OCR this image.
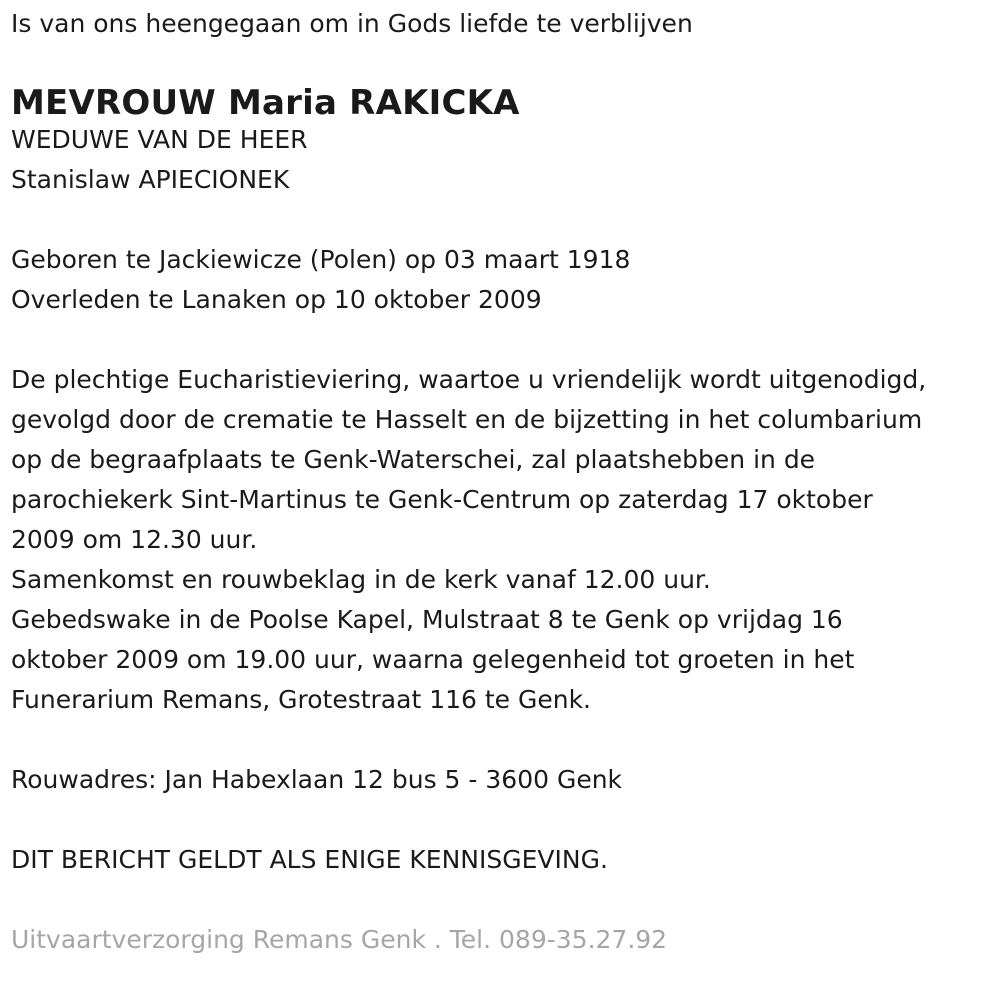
Is van ons heengegaan om in Gods liefde te verblijven

MEVROUW Maria RAKICKA

WEDUWE VAN DE HEER

Stanislaw APIECIONEK

Geboren te Jackiewicze (Polen) op 03 maart 1918

Overleden te Lanaken op 10 oktober 2009

De plechtige Eucharistieviering, waartoe u vriendelijk wordt uitgenodigd,

gevolgd door de crematie te Hasselt en de bijzetting in het columbarium

op de begraafplaats te Genk-Waterschei, zal plaatshebben in de

parochiekerk Sint-Martinus te Genk-Centrum op zaterdag 17 oktober

2009 om 12.30 uur.

Samenkomst en rouwbeklag in de kerk vanaf 12.00 uur.

Gebedswake in de Poolse Kapel, Mulstraat 8 te Genk op vrijdag 16

oktober 2009 om 19.00 uur, waarna gelegenheid tot groeten in het

Funerarium Remans, Grotestraat 116 te Genk.

Rouwadres: Jan Habexlaan 12 bus 5 - 3600 Genk

DIT BERICHT GELDT ALS ENIGE KENNISGEVING.

Uitvaartverzorging Remans Genk . Tel. 089-35.27.92
